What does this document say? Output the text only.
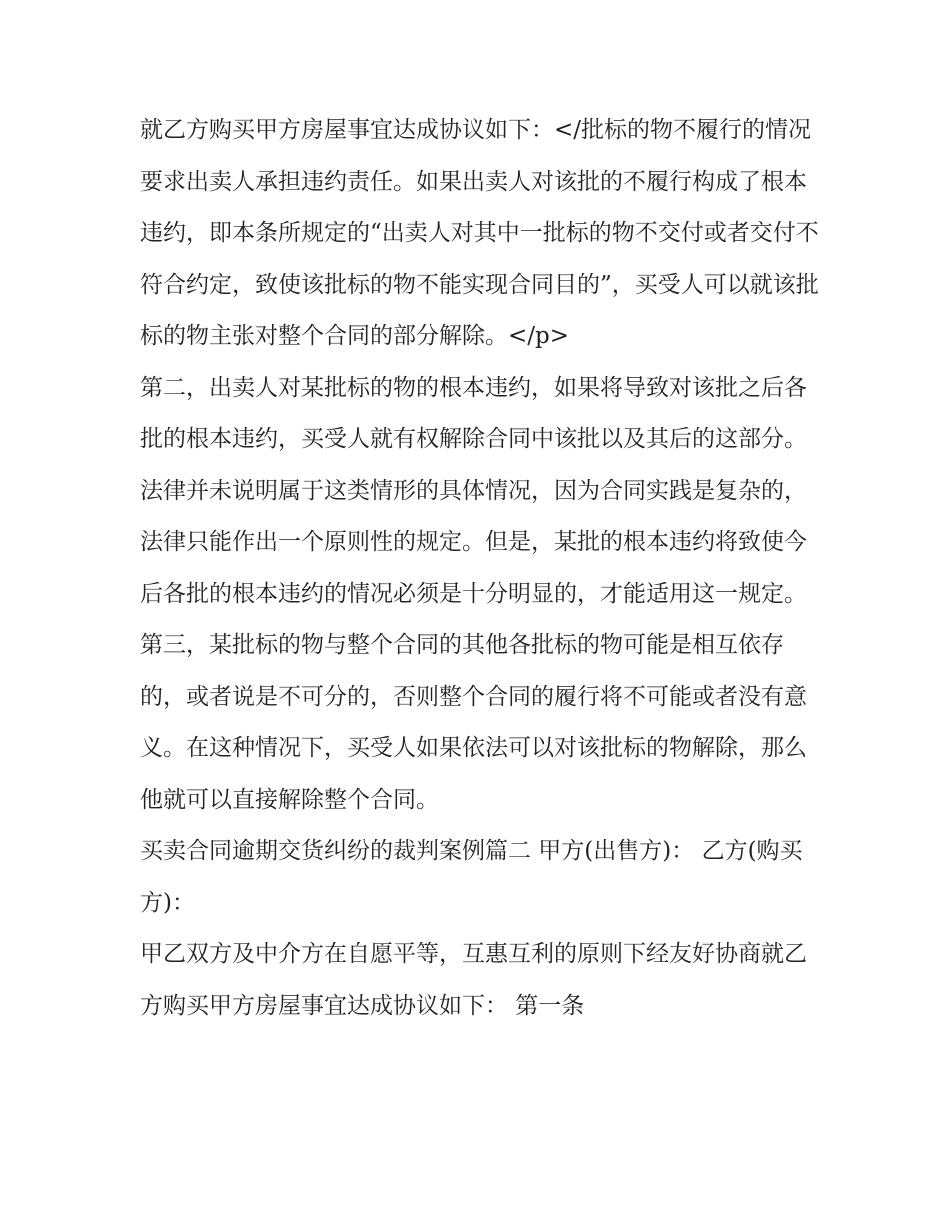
就乙方购买甲方房屋事宜达成协议如下：</批标的物不履行的情况要求出卖人承担违约责任。如果出卖人对该批的不履行构成了根本违约，即本条所规定的“出卖人对其中一批标的物不交付或者交付不符合约定，致使该批标的物不能实现合同目的”，买受人可以就该批标的物主张对整个合同的部分解除。</p>

第二，出卖人对某批标的物的根本违约，如果将导致对该批之后各批的根本违约，买受人就有权解除合同中该批以及其后的这部分。法律并未说明属于这类情形的具体情况，因为合同实践是复杂的，法律只能作出一个原则性的规定。但是，某批的根本违约将致使今后各批的根本违约的情况必须是十分明显的，才能适用这一规定。

第三，某批标的物与整个合同的其他各批标的物可能是相互依存的，或者说是不可分的，否则整个合同的履行将不可能或者没有意义。在这种情况下，买受人如果依法可以对该批标的物解除，那么他就可以直接解除整个合同。

买卖合同逾期交货纠纷的裁判案例篇二 甲方(出售方)： 乙方(购买方)：

甲乙双方及中介方在自愿平等，互惠互利的原则下经友好协商就乙方购买甲方房屋事宜达成协议如下： 第一条
